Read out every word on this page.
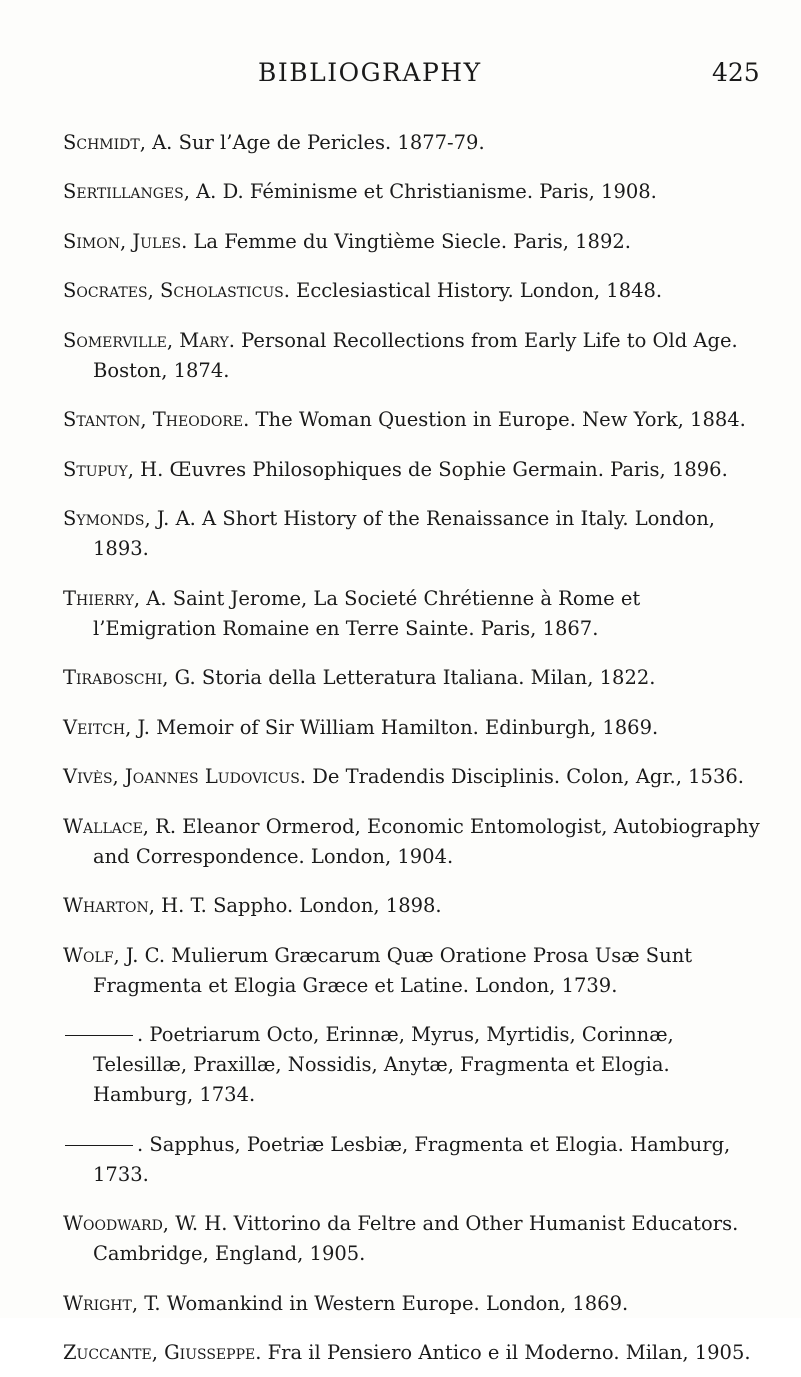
BIBLIOGRAPHY	425

Schmidt, A. Sur l’Age de Pericles. 1877-79.

Sertillanges, A. D. Féminisme et Christianisme. Paris, 1908.

Simon, Jules. La Femme du Vingtième Siecle. Paris, 1892.

Socrates, Scholasticus. Ecclesiastical History. London, 1848.

Somerville, Mary. Personal Recollections from Early Life to Old Age. Boston, 1874.

Stanton, Theodore. The Woman Question in Europe. New York, 1884.

Stupuy, H. Œuvres Philosophiques de Sophie Germain. Paris, 1896.

Symonds, J. A. A Short History of the Renaissance in Italy. London, 1893.

Thierry, A. Saint Jerome, La Societé Chrétienne à Rome et l’Emigration Romaine en Terre Sainte. Paris, 1867.

Tiraboschi, G. Storia della Letteratura Italiana. Milan, 1822.

Veitch, J. Memoir of Sir William Hamilton. Edinburgh, 1869.

Vivès, Joannes Ludovicus. De Tradendis Disciplinis. Colon, Agr., 1536.

Wallace, R. Eleanor Ormerod, Economic Entomologist, Autobiography and Correspondence. London, 1904.

Wharton, H. T. Sappho. London, 1898.

Wolf, J. C. Mulierum Græcarum Quæ Oratione Prosa Usæ Sunt Fragmenta et Elogia Græce et Latine. London, 1739.

. Poetriarum Octo, Erinnæ, Myrus, Myrtidis, Corinnæ, Telesillæ, Praxillæ, Nossidis, Anytæ, Fragmenta et Elogia. Hamburg, 1734.

. Sapphus, Poetriæ Lesbiæ, Fragmenta et Elogia. Hamburg, 1733.

Woodward, W. H. Vittorino da Feltre and Other Humanist Educators. Cambridge, England, 1905.

Wright, T. Womankind in Western Europe. London, 1869.

Zuccante, Giusseppe. Fra il Pensiero Antico e il Moderno. Milan, 1905.
